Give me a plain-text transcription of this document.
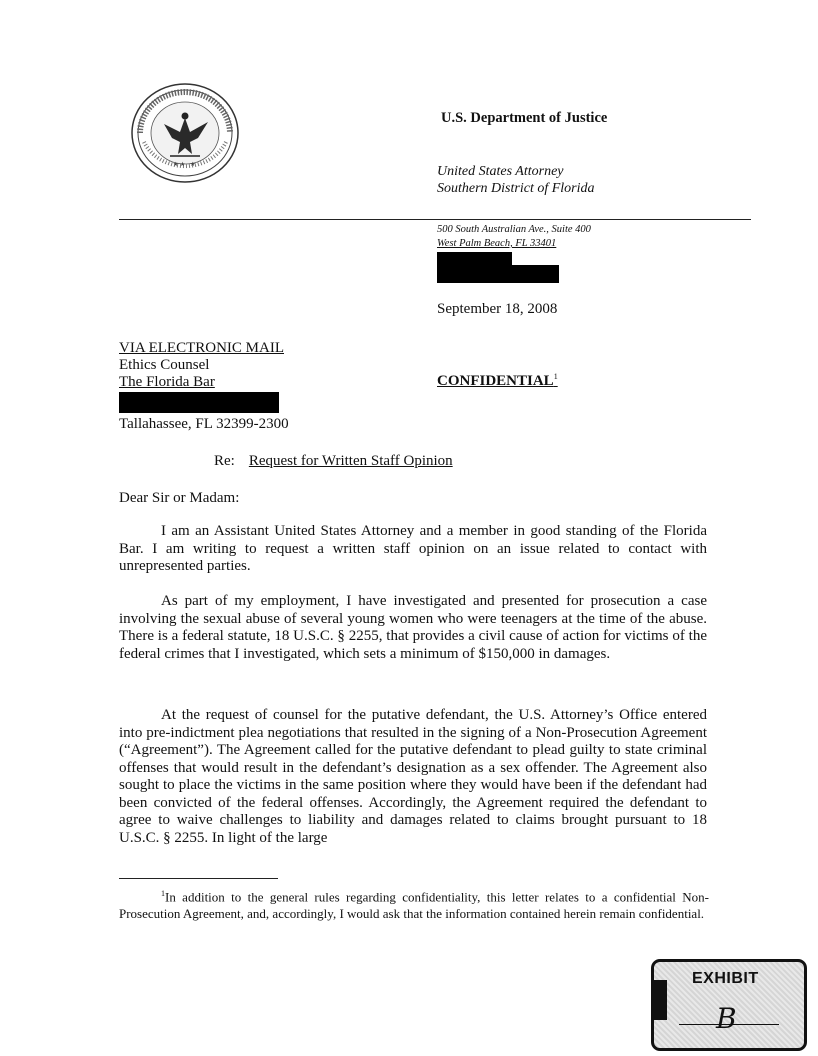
★ ★ ★
U.S. Department of Justice
United States Attorney
Southern District of Florida
500 South Australian Ave., Suite 400
West Palm Beach, FL 33401
September 18, 2008
VIA ELECTRONIC MAIL
Ethics Counsel
The Florida Bar
Tallahassee, FL 32399-2300
CONFIDENTIAL$^1$
Re: Request for Written Staff Opinion
Dear Sir or Madam:
I am an Assistant United States Attorney and a member in good standing of the Florida Bar. I am writing to request a written staff opinion on an issue related to contact with unrepresented parties.
As part of my employment, I have investigated and presented for prosecution a case involving the sexual abuse of several young women who were teenagers at the time of the abuse. There is a federal statute, 18 U.S.C. § 2255, that provides a civil cause of action for victims of the federal crimes that I investigated, which sets a minimum of $150,000 in damages.
At the request of counsel for the putative defendant, the U.S. Attorney’s Office entered into pre-indictment plea negotiations that resulted in the signing of a Non-Prosecution Agreement (“Agreement”). The Agreement called for the putative defendant to plead guilty to state criminal offenses that would result in the defendant’s designation as a sex offender. The Agreement also sought to place the victims in the same position where they would have been if the defendant had been convicted of the federal offenses. Accordingly, the Agreement required the defendant to agree to waive challenges to liability and damages related to claims brought pursuant to 18 U.S.C. § 2255. In light of the large
$^1$In addition to the general rules regarding confidentiality, this letter relates to a confidential Non-Prosecution Agreement, and, accordingly, I would ask that the information contained herein remain confidential.
EXHIBIT
B
